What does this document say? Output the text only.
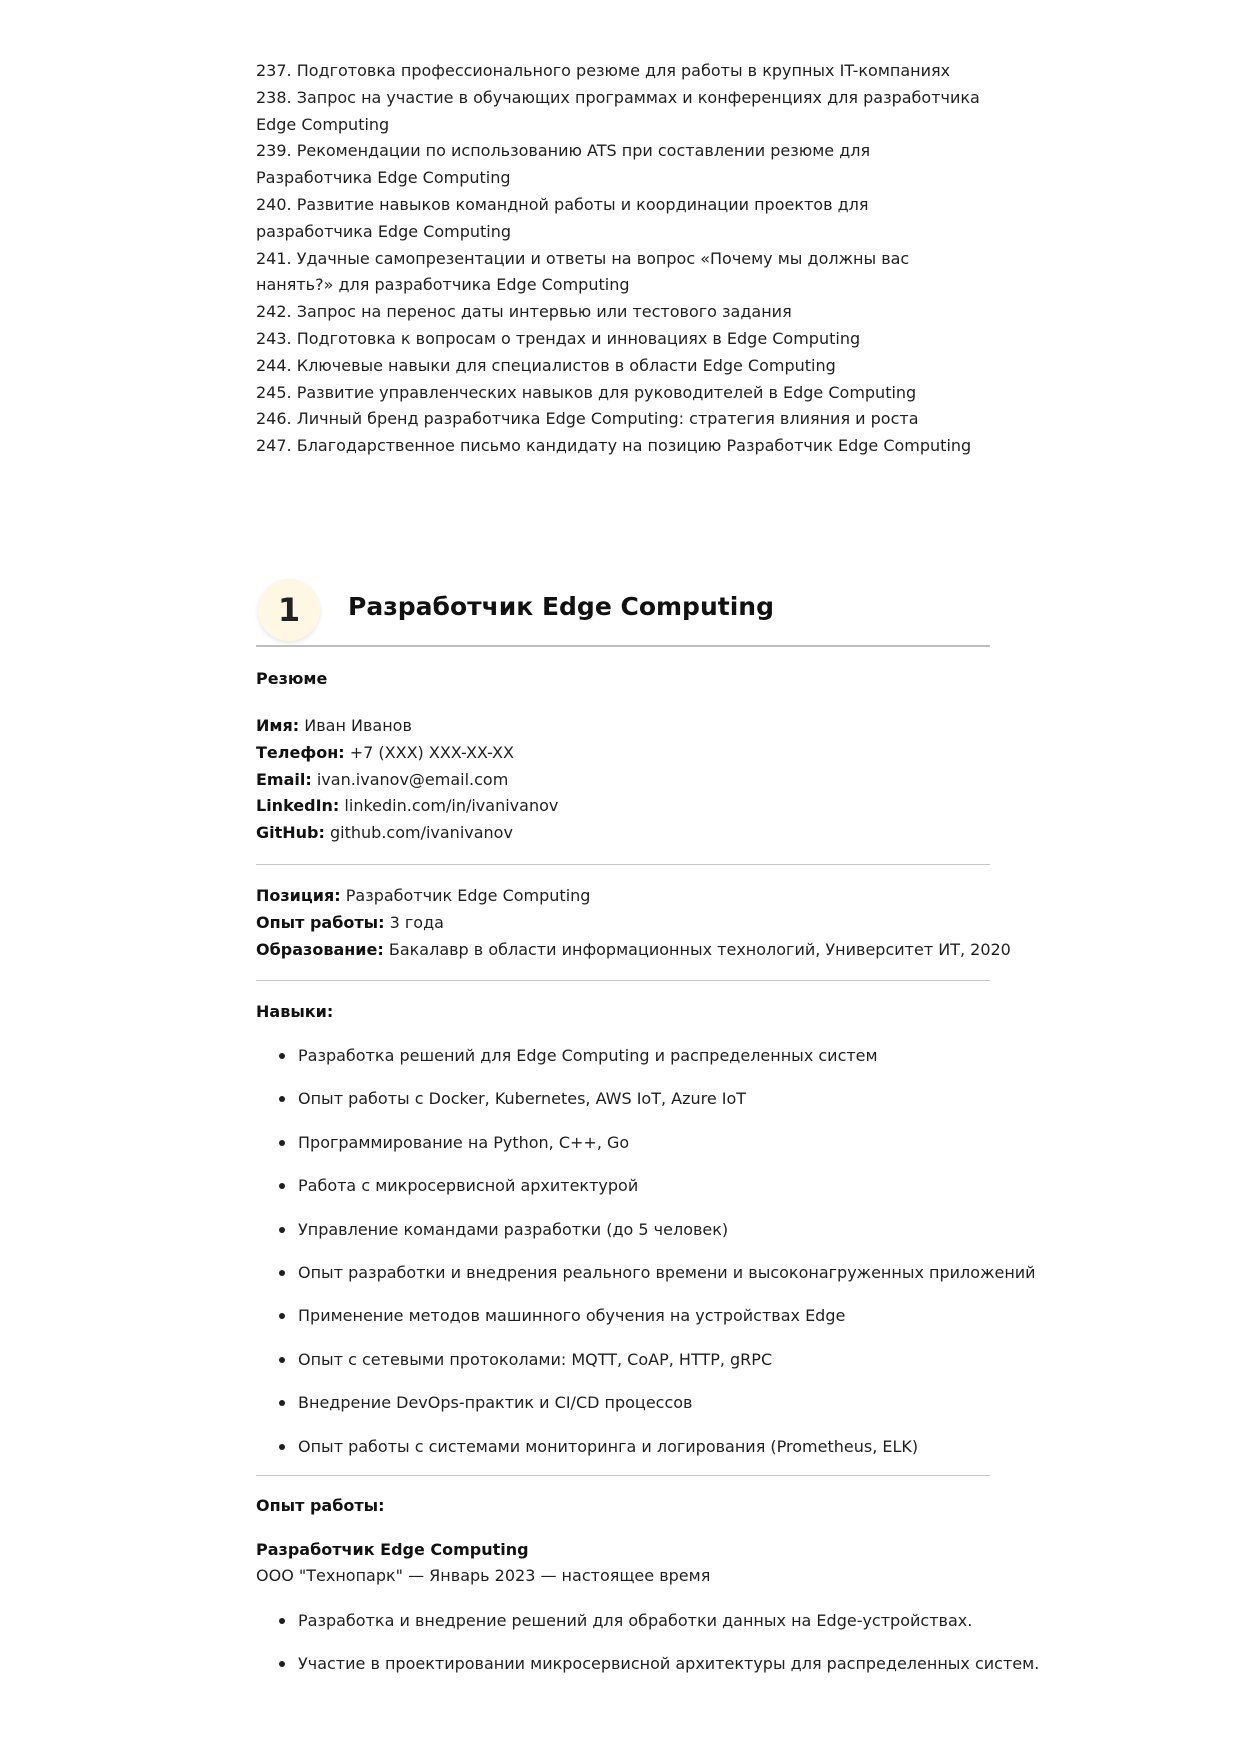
237. Подготовка профессионального резюме для работы в крупных IT-компаниях
238. Запрос на участие в обучающих программах и конференциях для разработчика Edge Computing
239. Рекомендации по использованию ATS при составлении резюме для Разработчика Edge Computing
240. Развитие навыков командной работы и координации проектов для разработчика Edge Computing
241. Удачные самопрезентации и ответы на вопрос «Почему мы должны вас нанять?» для разработчика Edge Computing
242. Запрос на перенос даты интервью или тестового задания
243. Подготовка к вопросам о трендах и инновациях в Edge Computing
244. Ключевые навыки для специалистов в области Edge Computing
245. Развитие управленческих навыков для руководителей в Edge Computing
246. Личный бренд разработчика Edge Computing: стратегия влияния и роста
247. Благодарственное письмо кандидату на позицию Разработчик Edge Computing
1	Разработчик Edge Computing
Резюме
Имя: Иван Иванов
Телефон: +7 (XXX) XXX-XX-XX
Email: ivan.ivanov@email.com
LinkedIn: linkedin.com/in/ivanivanov
GitHub: github.com/ivanivanov
Позиция: Разработчик Edge Computing
Опыт работы: 3 года
Образование: Бакалавр в области информационных технологий, Университет ИТ, 2020
Навыки:
Разработка решений для Edge Computing и распределенных систем
Опыт работы с Docker, Kubernetes, AWS IoT, Azure IoT
Программирование на Python, C++, Go
Работа с микросервисной архитектурой
Управление командами разработки (до 5 человек)
Опыт разработки и внедрения реального времени и высоконагруженных приложений
Применение методов машинного обучения на устройствах Edge
Опыт с сетевыми протоколами: MQTT, CoAP, HTTP, gRPC
Внедрение DevOps-практик и CI/CD процессов
Опыт работы с системами мониторинга и логирования (Prometheus, ELK)
Опыт работы:
Разработчик Edge Computing
ООО "Технопарк" — Январь 2023 — настоящее время
Разработка и внедрение решений для обработки данных на Edge-устройствах.
Участие в проектировании микросервисной архитектуры для распределенных систем.
